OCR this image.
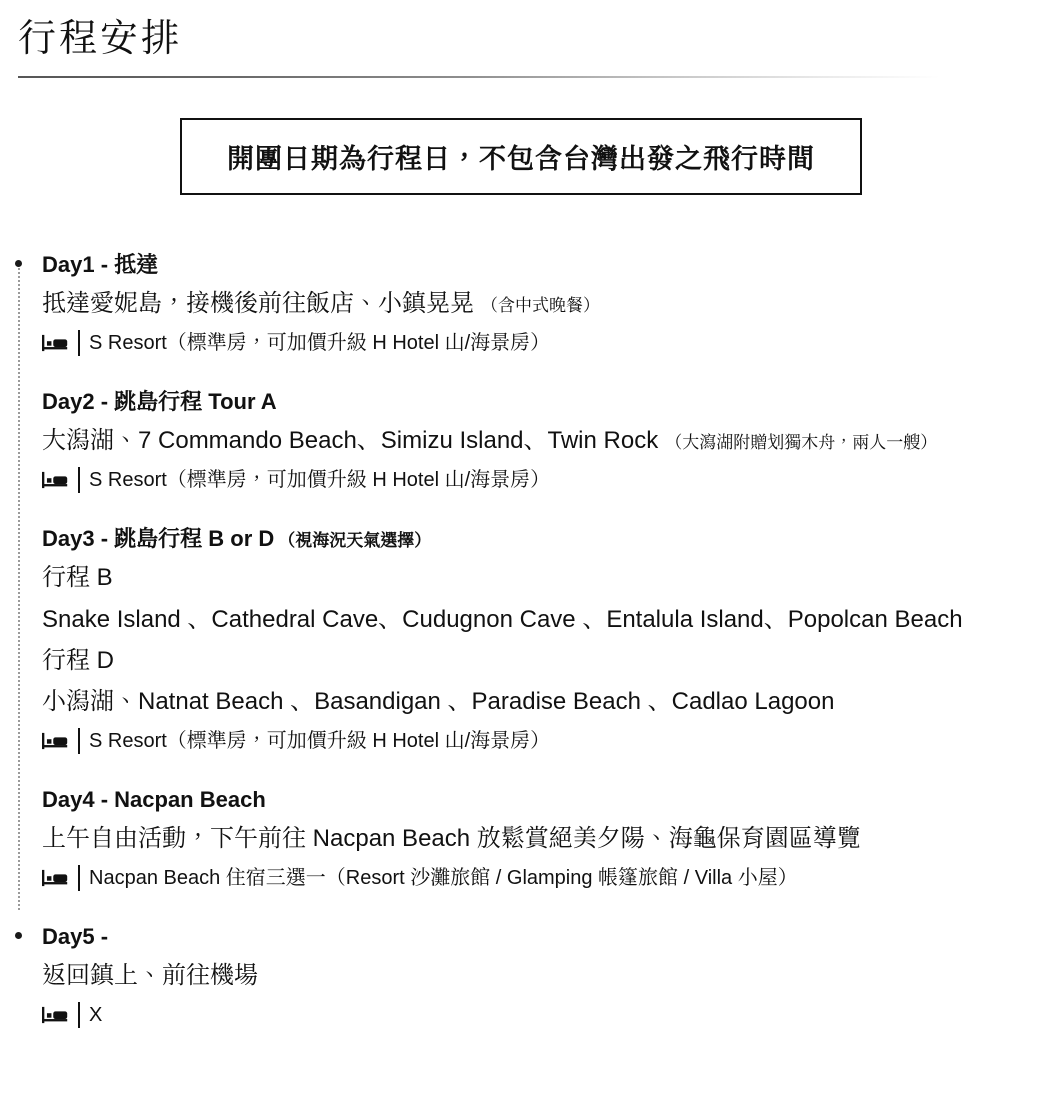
行程安排
開團日期為行程日，不包含台灣出發之飛行時間
Day1 - 抵達

抵達愛妮島，接機後前往飯店、小鎮晃晃 （含中式晚餐）

S Resort（標準房，可加價升級 H Hotel 山/海景房）
Day2 - 跳島行程 Tour A

大潟湖、7 Commando Beach、Simizu Island、Twin Rock （大瀉湖附贈划獨木舟，兩人一艘）

S Resort（標準房，可加價升級 H Hotel 山/海景房）
Day3 - 跳島行程 B or D （視海況天氣選擇）

行程 B

Snake Island 、Cathedral Cave、Cudugnon Cave 、Entalula Island、Popolcan Beach

行程 D

小潟湖、Natnat Beach 、Basandigan 、Paradise Beach 、Cadlao Lagoon

S Resort（標準房，可加價升級 H Hotel 山/海景房）
Day4 - Nacpan Beach

上午自由活動，下午前往 Nacpan Beach 放鬆賞絕美夕陽、海龜保育園區導覽

Nacpan Beach 住宿三選一（Resort 沙灘旅館 / Glamping 帳篷旅館 / Villa 小屋）
Day5 -

返回鎮上、前往機場

X
